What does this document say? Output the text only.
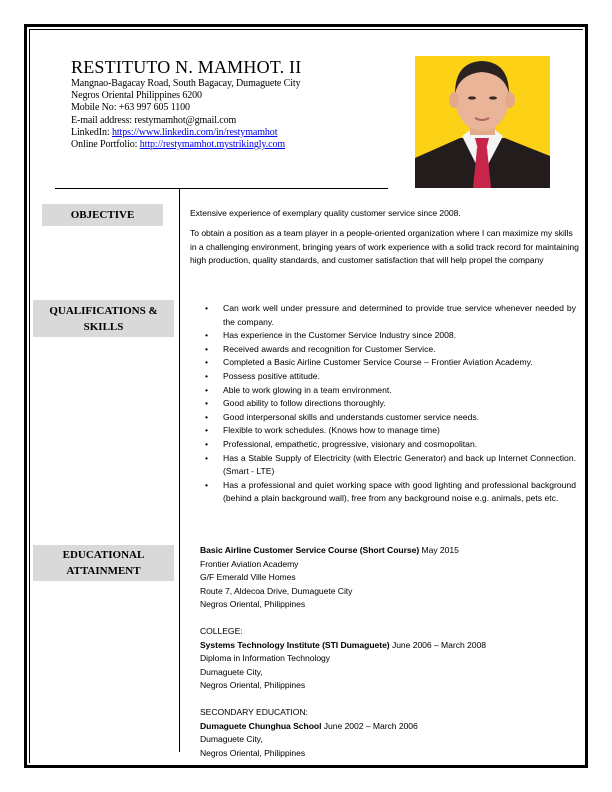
RESTITUTO N. MAMHOT. II
Mangnao-Bagacay Road, South Bagacay, Dumaguete City
Negros Oriental Philippines 6200
Mobile No: +63 997 605 1100
E-mail address: restymamhot@gmail.com
LinkedIn: https://www.linkedin.com/in/restymamhot
Online Portfolio: http://restymamhot.mystrikingly.com
OBJECTIVE
QUALIFICATIONS &
SKILLS
EDUCATIONAL
ATTAINMENT

Extensive experience of exemplary quality customer service since 2008.

To obtain a position as a team player in a people-oriented organization where I can maximize my skills in a challenging environment, bringing years of work experience with a solid track record for maintaining high production, quality standards, and customer satisfaction that will help propel the company

• Can work well under pressure and determined to provide true service whenever needed by the company.
• Has experience in the Customer Service Industry since 2008.
• Received awards and recognition for Customer Service.
• Completed a Basic Airline Customer Service Course – Frontier Aviation Academy.
• Possess positive attitude.
• Able to work glowing in a team environment.
• Good ability to follow directions thoroughly.
• Good interpersonal skills and understands customer service needs.
• Flexible to work schedules. (Knows how to manage time)
• Professional, empathetic, progressive, visionary and cosmopolitan.
• Has a Stable Supply of Electricity (with Electric Generator) and back up Internet Connection. (Smart - LTE)
• Has a professional and quiet working space with good lighting and professional background (behind a plain background wall), free from any background noise e.g. animals, pets etc.
Basic Airline Customer Service Course (Short Course) May 2015
Frontier Aviation Academy
G/F Emerald Ville Homes
Route 7, Aldecoa Drive, Dumaguete City
Negros Oriental, Philippines
COLLEGE:
Systems Technology Institute (STI Dumaguete) June 2006 – March 2008
Diploma in Information Technology
Dumaguete City,
Negros Oriental, Philippines
SECONDARY EDUCATION:
Dumaguete Chunghua School June 2002 – March 2006
Dumaguete City,
Negros Oriental, Philippines
